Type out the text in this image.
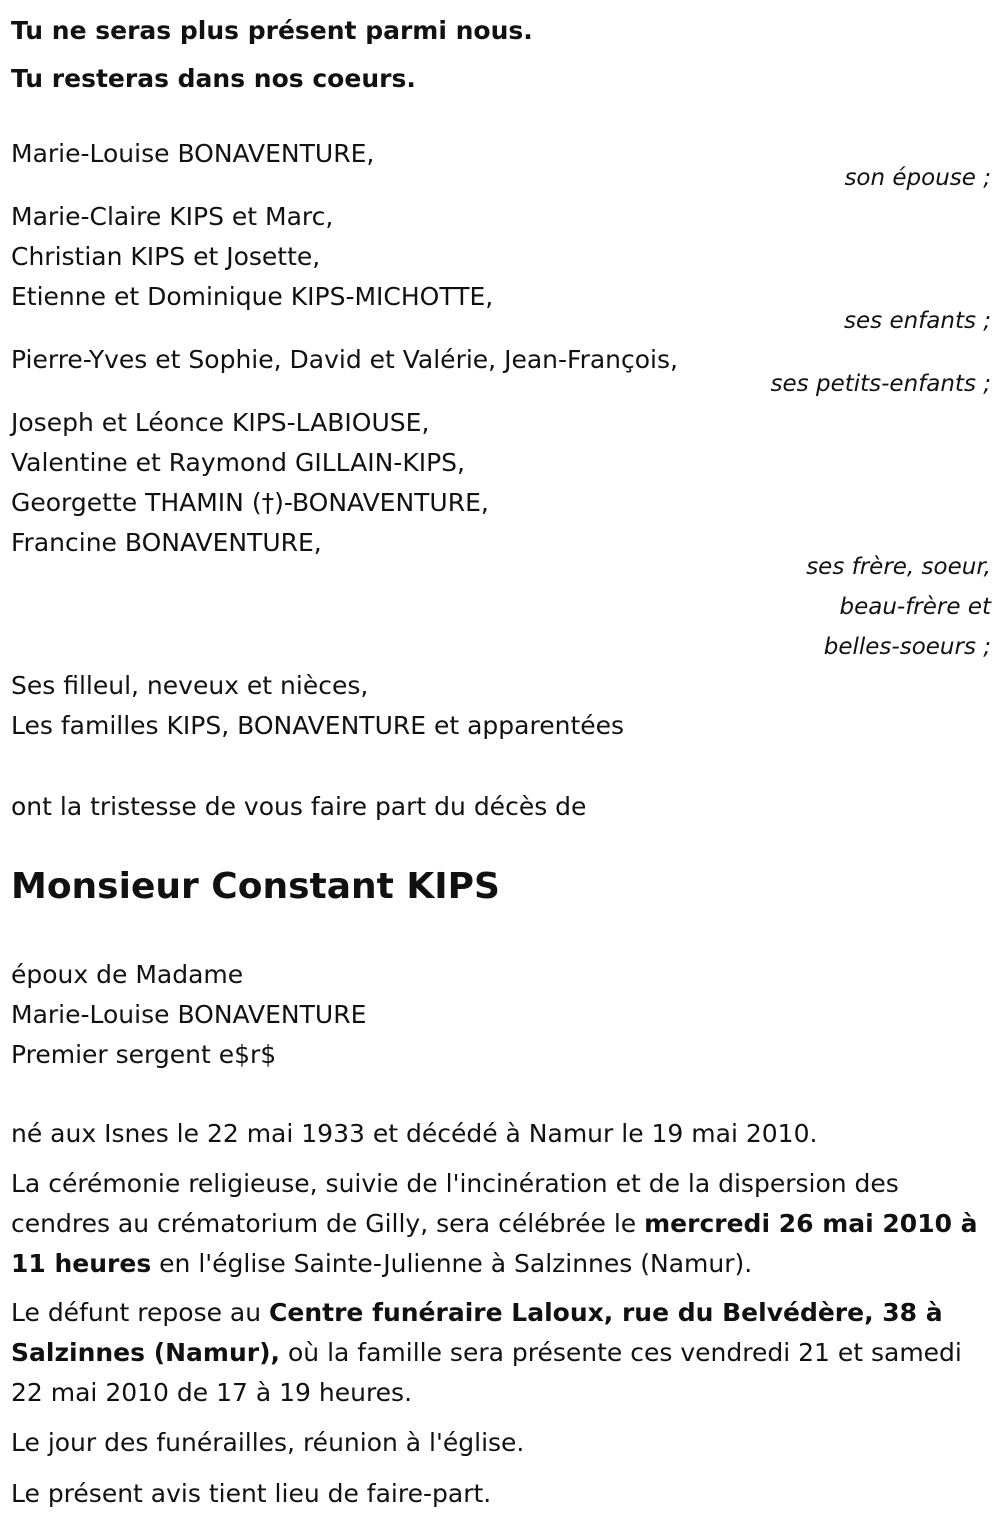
Tu ne seras plus présent parmi nous.
Tu resteras dans nos coeurs.
Marie-Louise BONAVENTURE,
son épouse ;
Marie-Claire KIPS et Marc,
Christian KIPS et Josette,
Etienne et Dominique KIPS-MICHOTTE,
ses enfants ;
Pierre-Yves et Sophie, David et Valérie, Jean-François,
ses petits-enfants ;
Joseph et Léonce KIPS-LABIOUSE,
Valentine et Raymond GILLAIN-KIPS,
Georgette THAMIN (†)-BONAVENTURE,
Francine BONAVENTURE,
ses frère, soeur,
beau-frère et
belles-soeurs ;
Ses filleul, neveux et nièces,
Les familles KIPS, BONAVENTURE et apparentées
ont la tristesse de vous faire part du décès de
Monsieur Constant KIPS
époux de Madame
Marie-Louise BONAVENTURE
Premier sergent e$r$
né aux Isnes le 22 mai 1933 et décédé à Namur le 19 mai 2010.
La cérémonie religieuse, suivie de l'incinération et de la dispersion des cendres au crématorium de Gilly, sera célébrée le mercredi 26 mai 2010 à 11 heures en l'église Sainte-Julienne à Salzinnes (Namur).
Le défunt repose au Centre funéraire Laloux, rue du Belvédère, 38 à Salzinnes (Namur), où la famille sera présente ces vendredi 21 et samedi 22 mai 2010 de 17 à 19 heures.
Le jour des funérailles, réunion à l'église.
Le présent avis tient lieu de faire-part.
